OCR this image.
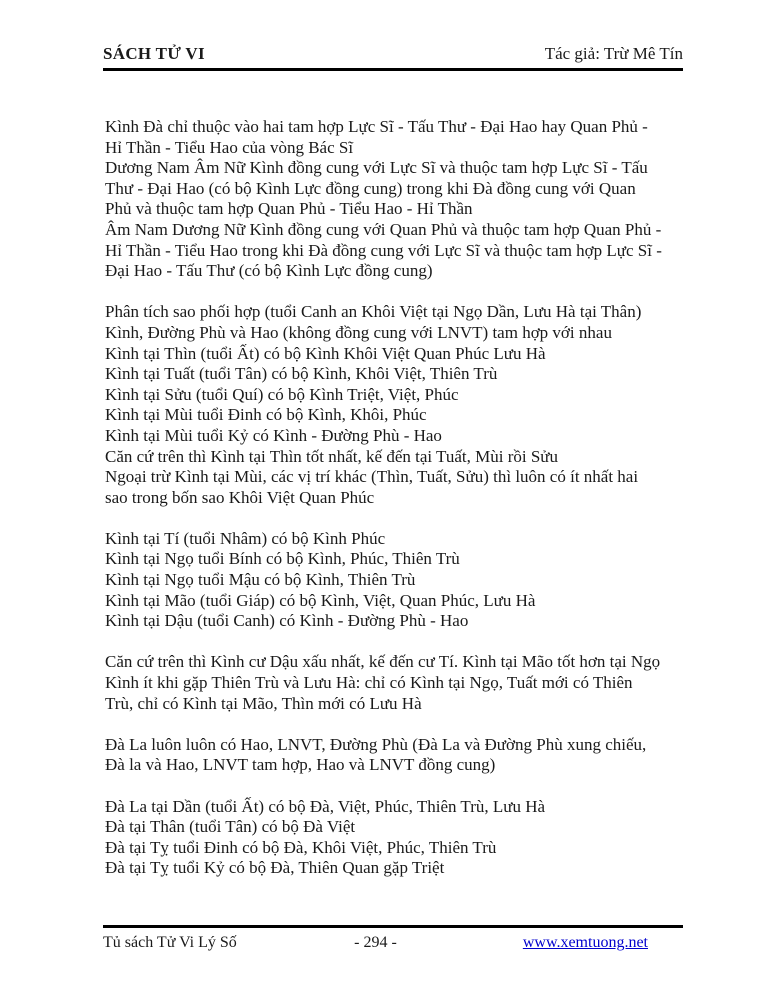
SÁCH TỬ VI	Tác giả: Trừ Mê Tín
Kình Đà chỉ thuộc vào hai tam hợp Lực Sĩ - Tấu Thư - Đại Hao hay Quan Phủ -
Hỉ Thần - Tiểu Hao của vòng Bác Sĩ
Dương Nam Âm Nữ Kình đồng cung với Lực Sĩ và thuộc tam hợp Lực Sĩ - Tấu
Thư - Đại Hao (có bộ Kình Lực đồng cung) trong khi Đà đồng cung với Quan
Phủ và thuộc tam hợp Quan Phủ - Tiểu Hao - Hỉ Thần
Âm Nam Dương Nữ Kình đồng cung với Quan Phủ và thuộc tam hợp Quan Phủ -
Hỉ Thần - Tiểu Hao trong khi Đà đồng cung với Lực Sĩ và thuộc tam hợp Lực Sĩ -
Đại Hao - Tấu Thư (có bộ Kình Lực đồng cung)
Phân tích sao phối hợp (tuổi Canh an Khôi Việt tại Ngọ Dần, Lưu Hà tại Thân)
Kình, Đường Phù và Hao (không đồng cung với LNVT) tam hợp với nhau
Kình tại Thìn (tuổi Ất) có bộ Kình Khôi Việt Quan Phúc Lưu Hà
Kình tại Tuất (tuổi Tân) có bộ Kình, Khôi Việt, Thiên Trù
Kình tại Sửu (tuổi Quí) có bộ Kình Triệt, Việt, Phúc
Kình tại Mùi tuổi Đinh có bộ Kình, Khôi, Phúc
Kình tại Mùi tuổi Kỷ có Kình - Đường Phù - Hao
Căn cứ trên thì Kình tại Thìn tốt nhất, kế đến tại Tuất, Mùi rồi Sửu
Ngoại trừ Kình tại Mùi, các vị trí khác (Thìn, Tuất, Sửu) thì luôn có ít nhất hai
sao trong bốn sao Khôi Việt Quan Phúc
Kình tại Tí (tuổi Nhâm) có bộ Kình Phúc
Kình tại Ngọ tuổi Bính có bộ Kình, Phúc, Thiên Trù
Kình tại Ngọ tuổi Mậu có bộ Kình, Thiên Trù
Kình tại Mão (tuổi Giáp) có bộ Kình, Việt, Quan Phúc, Lưu Hà
Kình tại Dậu (tuổi Canh) có Kình - Đường Phù - Hao
Căn cứ trên thì Kình cư Dậu xấu nhất, kế đến cư Tí. Kình tại Mão tốt hơn tại Ngọ
Kình ít khi gặp Thiên Trù và Lưu Hà: chỉ có Kình tại Ngọ, Tuất mới có Thiên
Trù, chỉ có Kình tại Mão, Thìn mới có Lưu Hà
Đà La luôn luôn có Hao, LNVT, Đường Phù (Đà La và Đường Phù xung chiếu,
Đà la và Hao, LNVT tam hợp, Hao và LNVT đồng cung)
Đà La tại Dần (tuổi Ất) có bộ Đà, Việt, Phúc, Thiên Trù, Lưu Hà
Đà tại Thân (tuổi Tân) có bộ Đà Việt
Đà tại Tỵ tuổi Đinh có bộ Đà, Khôi Việt, Phúc, Thiên Trù
Đà tại Tỵ tuổi Kỷ có bộ Đà, Thiên Quan gặp Triệt
Tủ sách Tử Vi Lý Số	- 294 -	www.xemtuong.net
